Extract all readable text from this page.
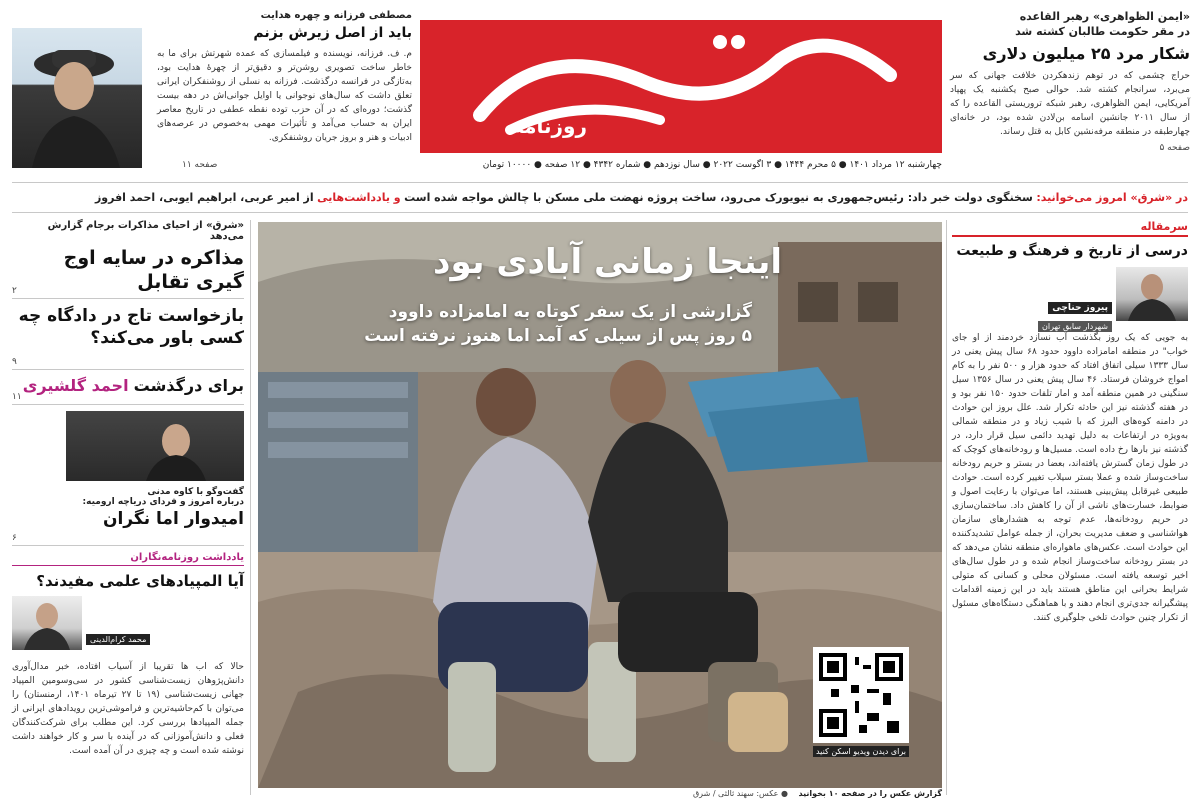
روزنامه
چهارشنبه ۱۲ مرداد ۱۴۰۱ ● ۵ محرم ۱۴۴۴ ● ۳ اگوست ۲۰۲۲ ● سال نوزدهم ● شماره ۴۳۴۲ ● ۱۲ صفحه ● ۱۰۰۰۰ تومان
«ایمن الظواهری» رهبر القاعده
در مقر حکومت طالبان کشته شد
شکار مرد ۲۵ میلیون دلاری
حراج چشمی که در توهم زندهکردن خلافت جهانی که سر می‌برد، سرانجام کشته شد. حوالی صبح یکشنبه یک پهپاد آمریکایی، ایمن الظواهری، رهبر شبکه تروریستی القاعده را که از سال ۲۰۱۱ جانشین اسامه بن‌لادن شده بود، در خانه‌ای چهارطبقه در منطقه مرفه‌نشین کابل به قتل رساند.
صفحه ۵
مصطفی فرزانه و چهره هدایت
باید از اصل زیرش بزنم
م. ف. فرزانه، نویسنده و فیلمسازی که عمده شهرتش برای ما به خاطر ساخت تصویری روشن‌تر و دقیق‌تر از چهرهٔ هدایت بود، به‌تازگی در فرانسه درگذشت. فرزانه به نسلی از روشنفکران ایرانی تعلق داشت که سال‌های نوجوانی یا اوایل جوانی‌اش در دهه بیست گذشت؛ دوره‌ای که در آن حزب توده نقطه عطفی در تاریخ معاصر ایران به حساب می‌آمد و تأثیرات مهمی به‌خصوص در عرصه‌های ادبیات و هنر و بروز جریان روشنفکری.
صفحه ۱۱
در «شرق» امروز می‌خوانید: سخنگوی دولت خبر داد: رئیس‌جمهوری به نیویورک می‌رود، ساخت پروژه نهضت ملی مسکن با چالش مواجه شده است و یادداشت‌هایی از امیر عربی، ابراهیم ایوبی، احمد افروز
سرمقاله
درسی از تاریخ و فرهنگ و طبیعت
پیروز حناچی
شهردار سابق تهران
به جویی که یک روز بگذشت آب نسازد خردمند از او جای خواب" در منطقه امامزاده داوود حدود ۶۸ سال پیش یعنی در سال ۱۳۳۳ سیلی اتفاق افتاد که حدود هزار و ۵۰۰ نفر را به کام امواج خروشان فرستاد. ۴۶ سال پیش یعنی در سال ۱۳۵۶ سیل سنگینی در همین منطقه آمد و امار تلفات حدود ۱۵۰ نفر بود و در هفته گذشته نیز این حادثه تکرار شد. علل بروز این حوادث در دامنه کوه‌های البرز که با شیب زیاد و در منطقه شمالی به‌ویژه در ارتفاعات به دلیل تهدید دائمی سیل قرار دارد، در گذشته نیز بارها رخ داده است. مسیل‌ها و رودخانه‌های کوچک که در طول زمان گسترش یافته‌اند، بعضا در بستر و حریم رودخانه ساخت‌وساز شده و عملا بستر سیلاب تغییر کرده است. حوادث طبیعی غیرقابل پیش‌بینی هستند، اما می‌توان با رعایت اصول و ضوابط، خسارت‌های ناشی از آن را کاهش داد. ساختمان‌سازی در حریم رودخانه‌ها، عدم توجه به هشدارهای سازمان هواشناسی و ضعف مدیریت بحران، از جمله عوامل تشدیدکننده این حوادث است. عکس‌های ماهواره‌ای منطقه نشان می‌دهد که در بستر رودخانه ساخت‌وساز انجام شده و در طول سال‌های اخیر توسعه یافته است. مسئولان محلی و کسانی که متولی شرایط بحرانی این مناطق هستند باید در این زمینه اقدامات پیشگیرانه جدی‌تری انجام دهند و با هماهنگی دستگاه‌های مسئول از تکرار چنین حوادث تلخی جلوگیری کنند.
اینجا زمانی آبادی بود
گزارشی از یک سفر کوتاه به امامزاده داوود
۵ روز پس از سیلی که آمد اما هنوز نرفته است
برای دیدن ویدیو اسکن کنید
گزارش عکس را در صفحه ۱۰ بخوانید ● عکس: سهند ثالثی / شرق
«شرق» از احیای مذاکرات برجام گزارش می‌دهد
مذاکره در سایه اوج گیری تقابل
۲
بازخواست تاج در دادگاه چه کسی باور می‌کند؟
۹
برای درگذشت احمد گلشیری
۱۱
گفت‌وگو با کاوه مدنی
درباره امروز و فردای دریاچه ارومیه:
امیدوار اما نگران
۶
یادداشت روزنامه‌نگاران
آیا المپیادهای علمی مفیدند؟
محمد کرام‌الدینی
حالا که اب ها تقریبا از آسیاب افتاده، خبر مدال‌آوری دانش‌پژوهان زیست‌شناسی کشور در سی‌وسومین المپیاد جهانی زیست‌شناسی (۱۹ تا ۲۷ تیرماه ۱۴۰۱، ارمنستان) را می‌توان با کم‌حاشیه‌ترین و فراموشی‌ترین رویدادهای ایرانی از جمله المپیادها بررسی کرد. این مطلب برای شرکت‌کنندگان فعلی و دانش‌آموزانی که در آینده با سر و کار خواهند داشت نوشته شده است و چه چیزی در آن آمده است.
